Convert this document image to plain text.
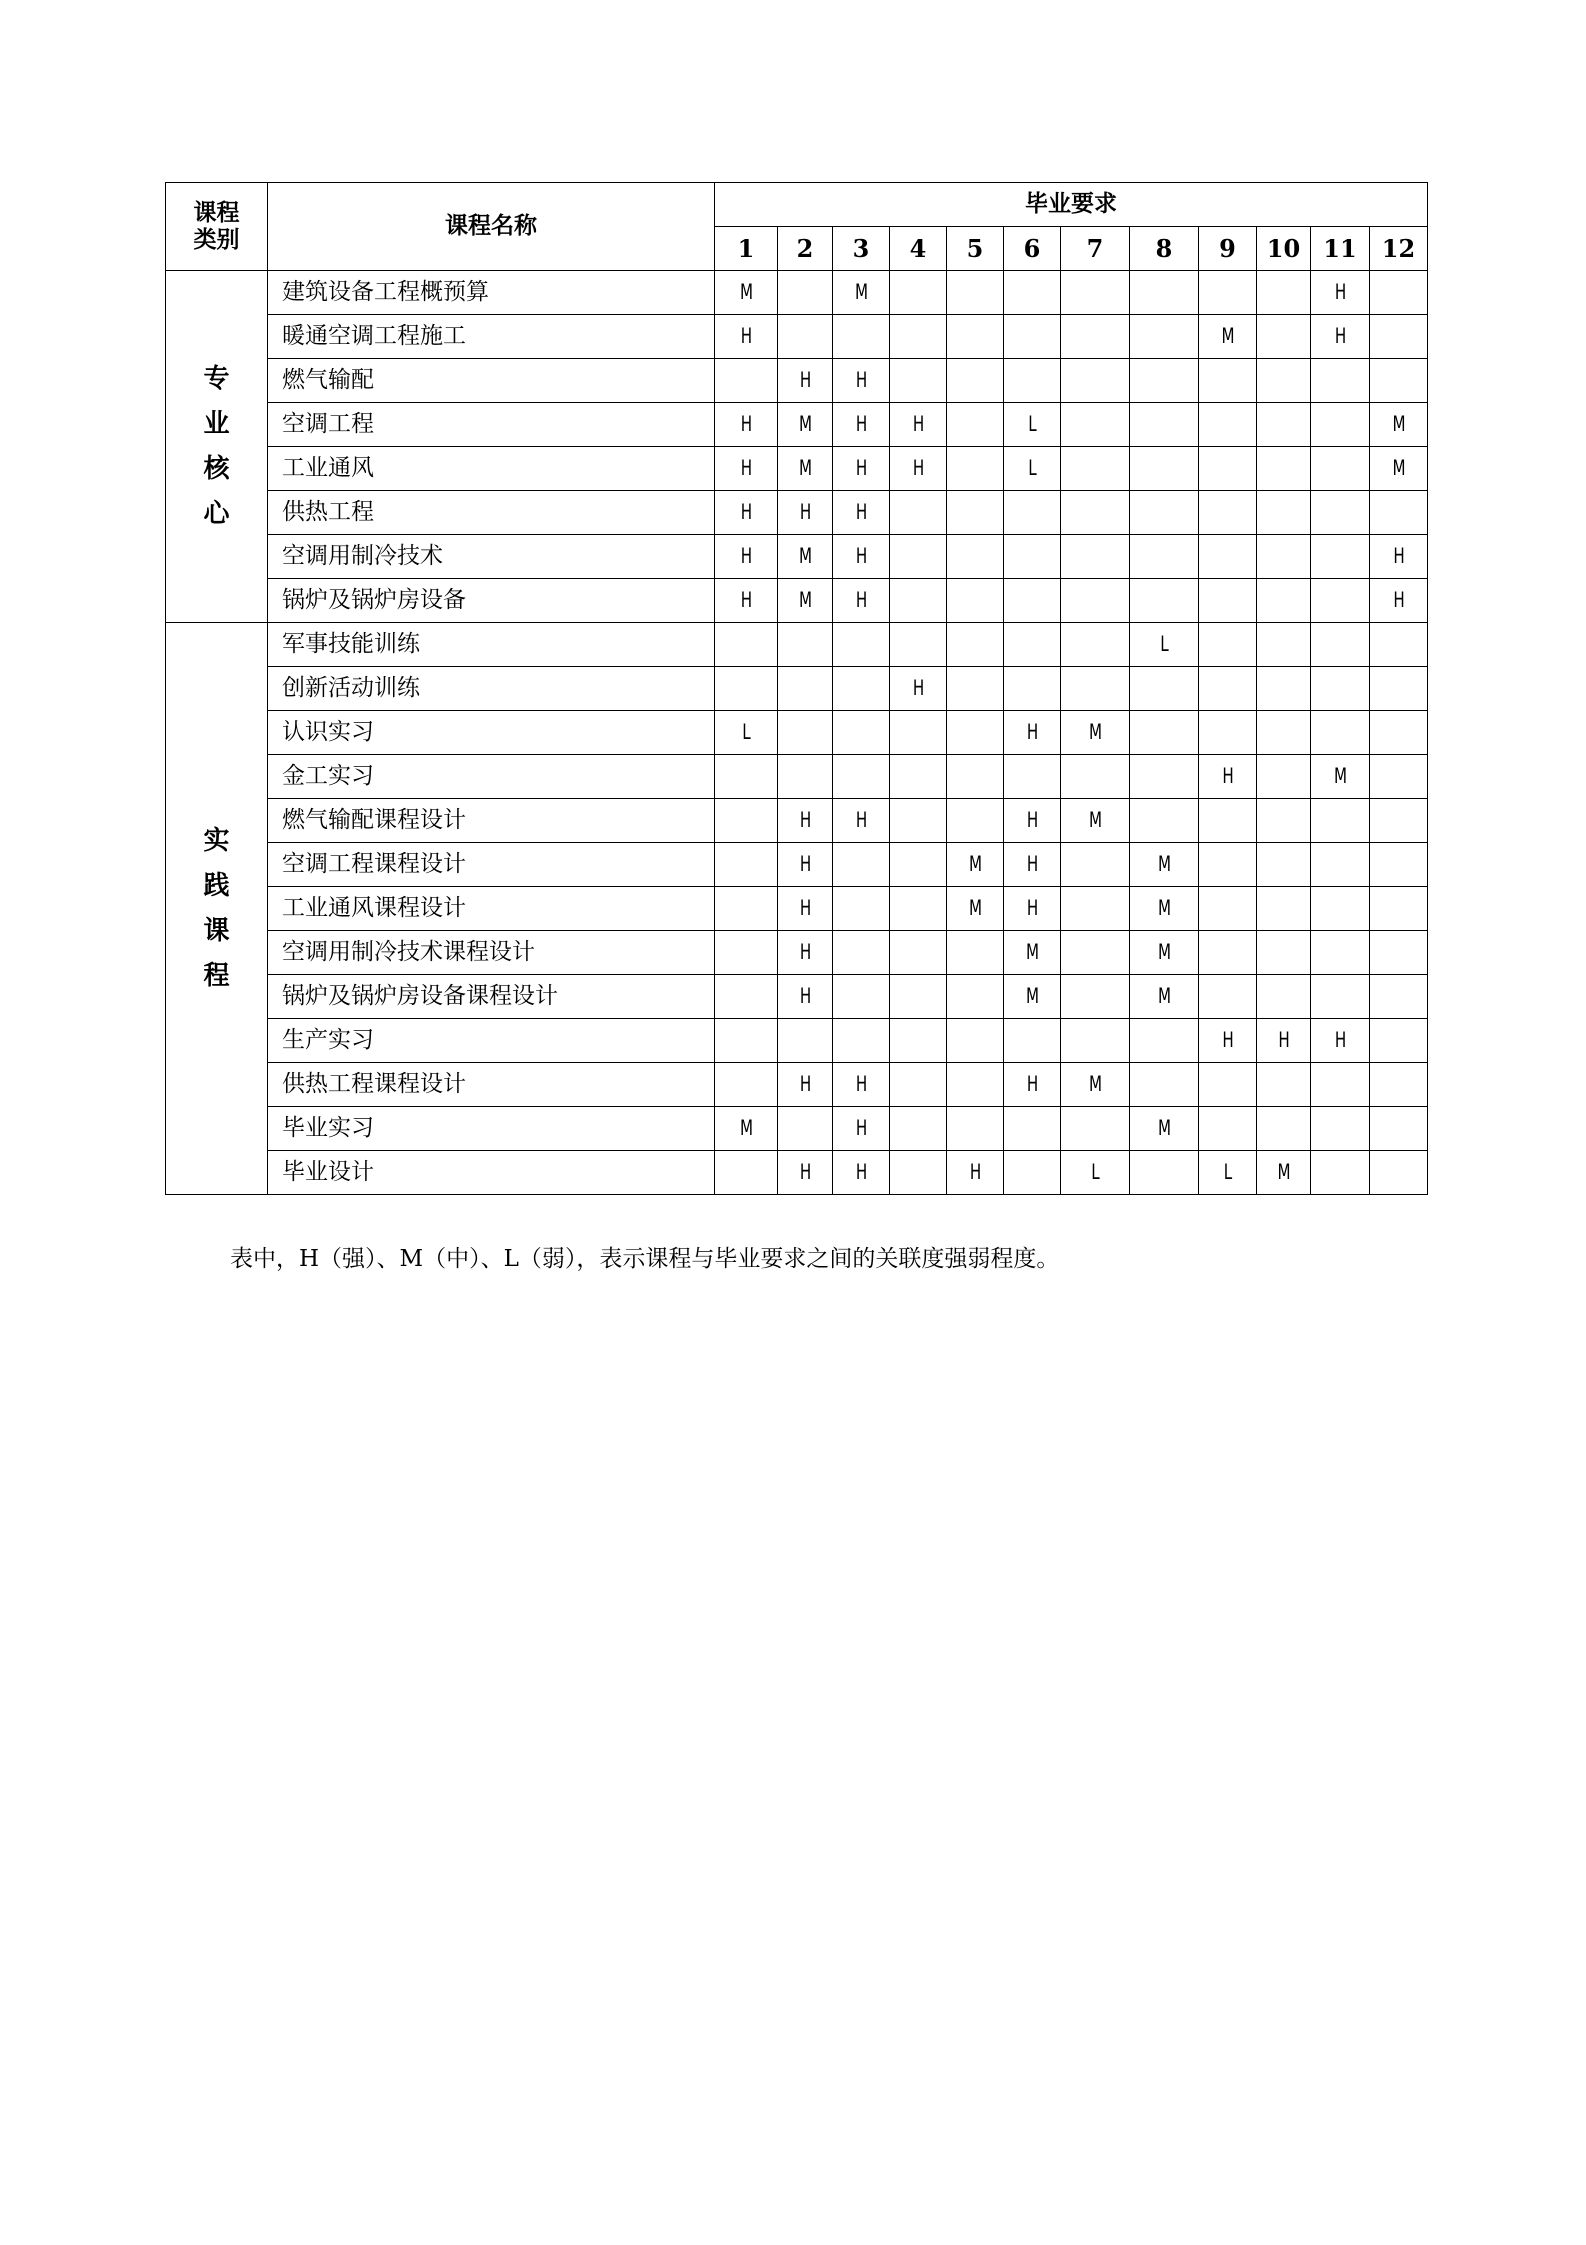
课程
类别	课程名称	毕业要求											
		1	2	3	4	5	6	7	8	9	10	11	12
专
业
核
心	建筑设备工程概预算	M		M								H	
	暖通空调工程施工	H								M		H	
	燃气输配		H	H									
	空调工程	H	M	H	H		L						M
	工业通风	H	M	H	H		L						M
	供热工程	H	H	H									
	空调用制冷技术	H	M	H									H
	锅炉及锅炉房设备	H	M	H									H
实
践
课
程	军事技能训练								L				
	创新活动训练				H								
	认识实习	L					H	M					
	金工实习									H		M	
	燃气输配课程设计		H	H			H	M					
	空调工程课程设计		H			M	H		M				
	工业通风课程设计		H			M	H		M				
	空调用制冷技术课程设计		H				M		M				
	锅炉及锅炉房设备课程设计		H				M		M				
	生产实习									H	H	H	
	供热工程课程设计		H	H			H	M					
	毕业实习	M		H					M				
	毕业设计		H	H		H		L		L	M		
表中，H（强）、M（中）、L（弱），表示课程与毕业要求之间的关联度强弱程度。
